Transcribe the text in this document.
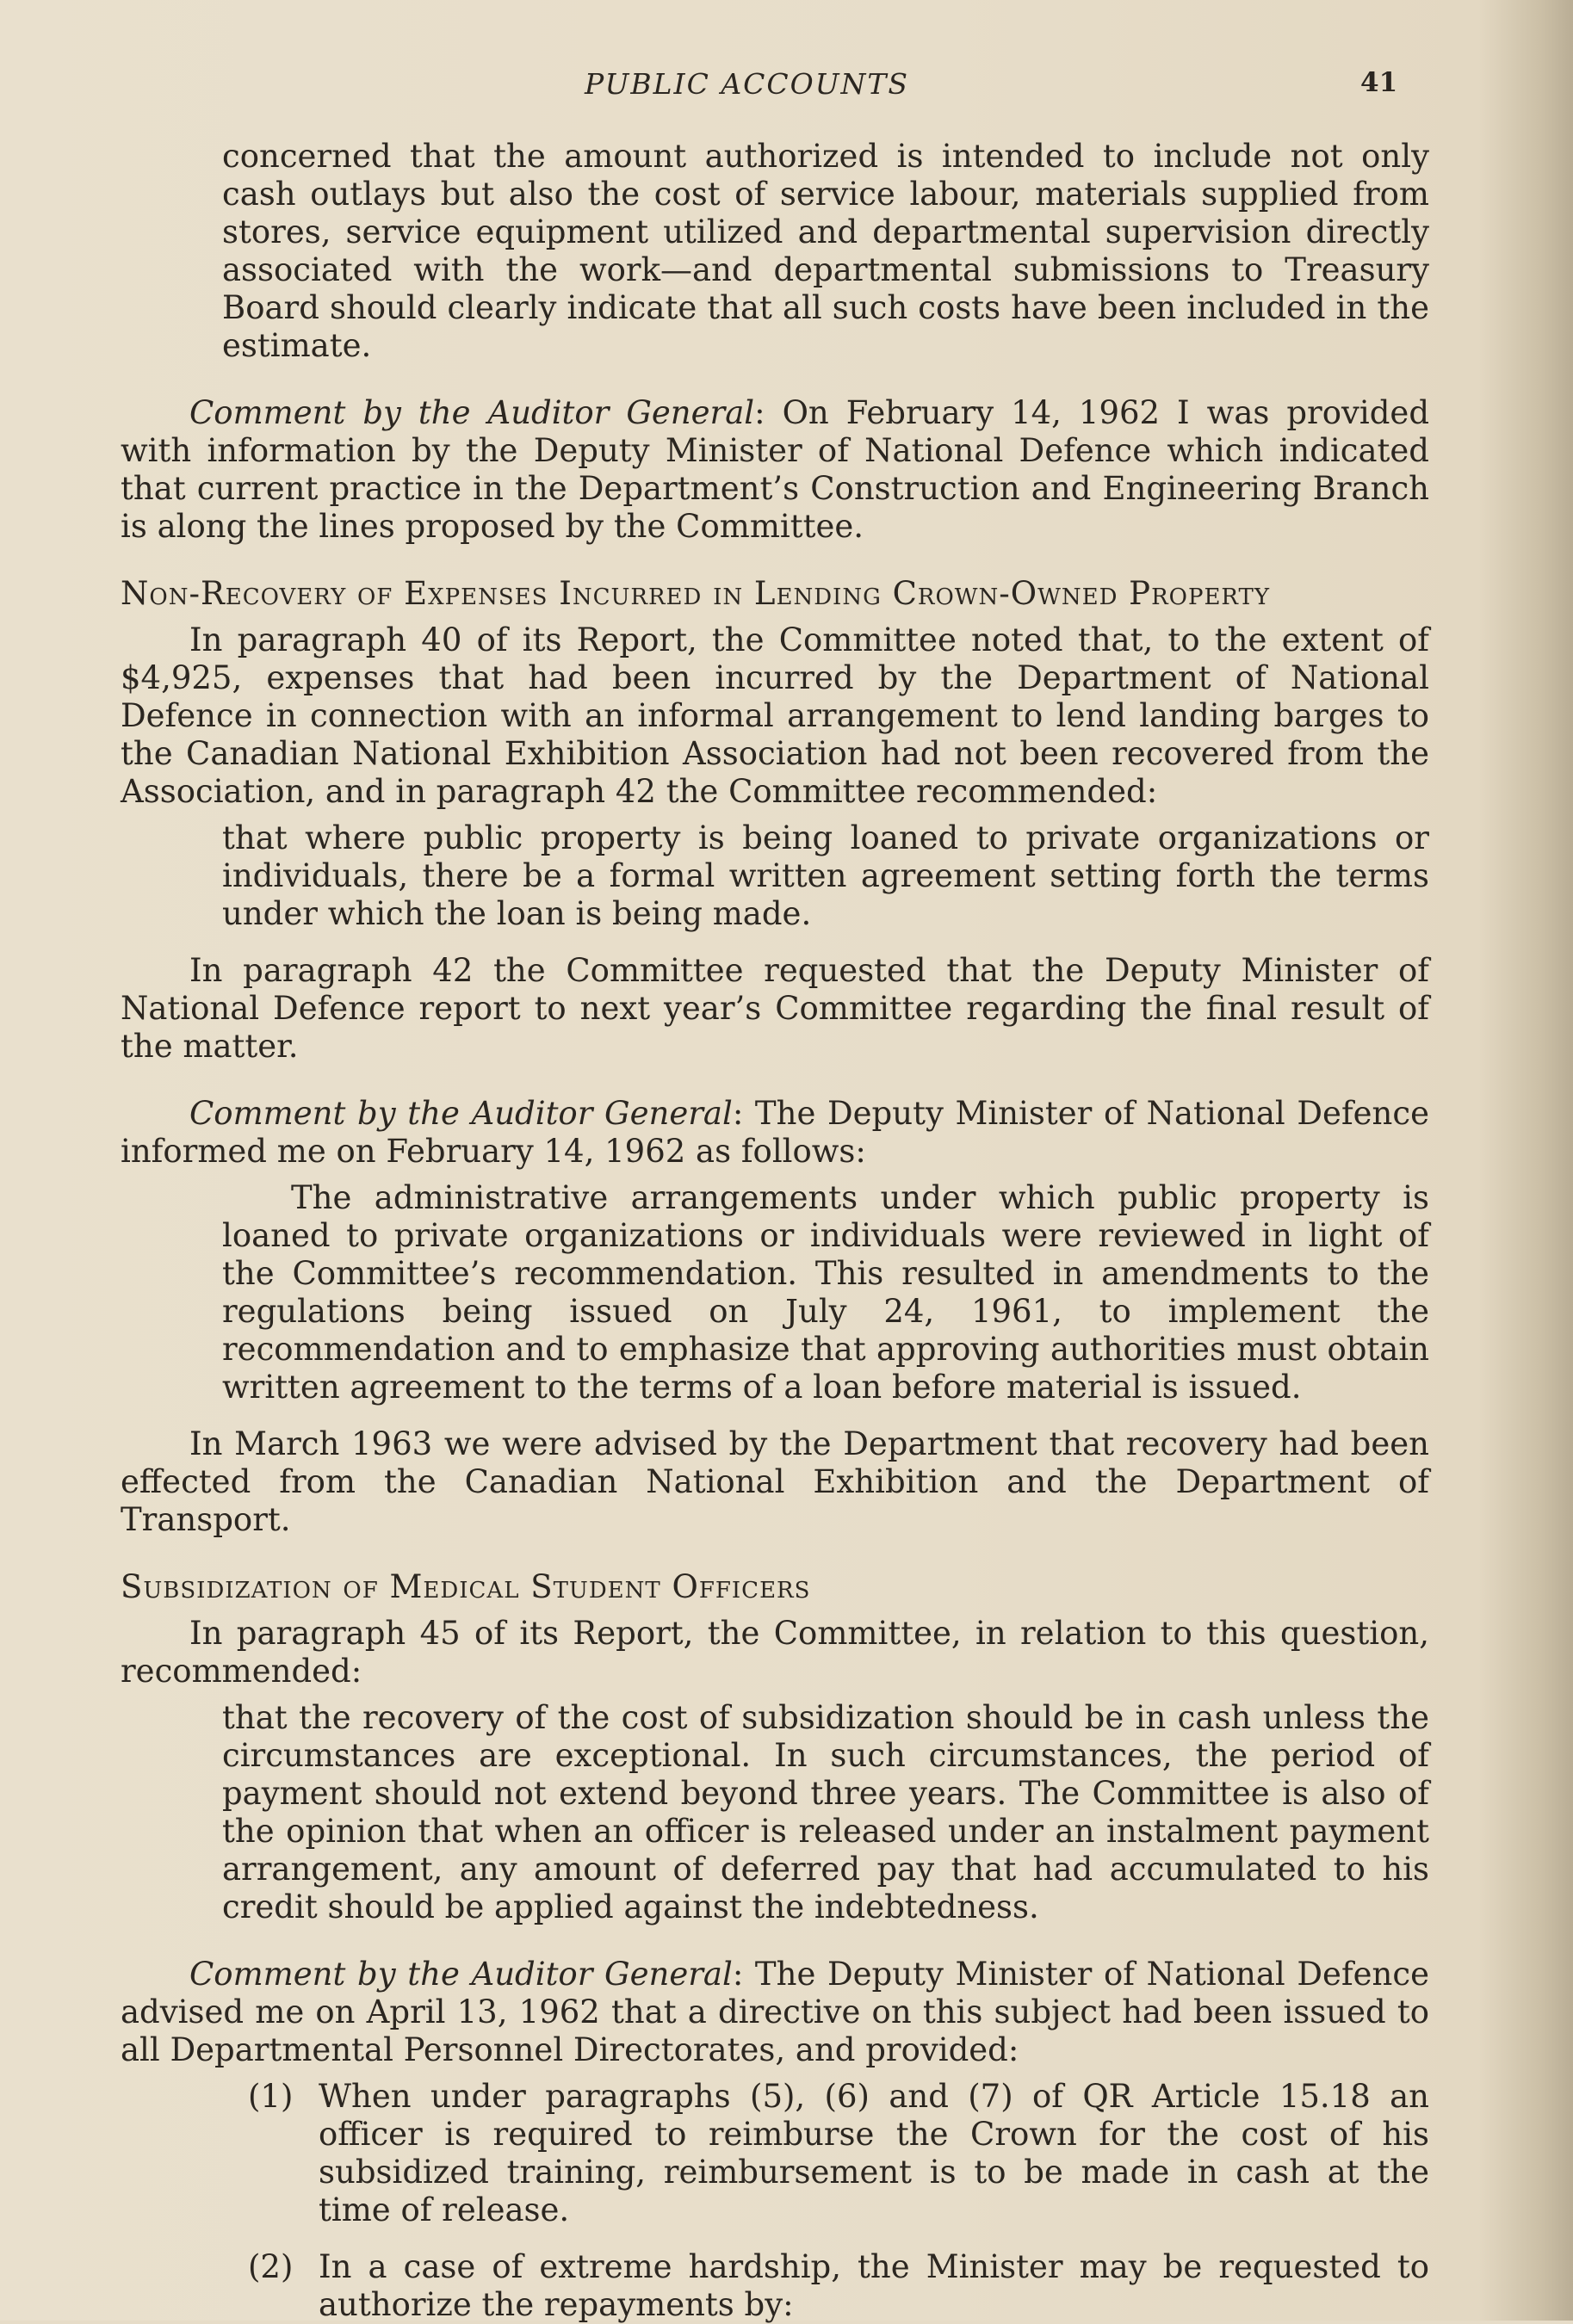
PUBLIC ACCOUNTS	41

concerned that the amount authorized is intended to include not only cash outlays but also the cost of service labour, materials supplied from stores, service equipment utilized and departmental supervision directly associated with the work—and departmental submissions to Treasury Board should clearly indicate that all such costs have been included in the estimate.

Comment by the Auditor General: On February 14, 1962 I was provided with information by the Deputy Minister of National Defence which indicated that current practice in the Department’s Construction and Engineering Branch is along the lines proposed by the Committee.

Non-Recovery of Expenses Incurred in Lending Crown-Owned Property

In paragraph 40 of its Report, the Committee noted that, to the extent of $4,925, expenses that had been incurred by the Department of National Defence in connection with an informal arrangement to lend landing barges to the Canadian National Exhibition Association had not been recovered from the Association, and in paragraph 42 the Committee recommended:

that where public property is being loaned to private organizations or individuals, there be a formal written agreement setting forth the terms under which the loan is being made.

In paragraph 42 the Committee requested that the Deputy Minister of National Defence report to next year’s Committee regarding the final result of the matter.

Comment by the Auditor General: The Deputy Minister of National Defence informed me on February 14, 1962 as follows:

The administrative arrangements under which public property is loaned to private organizations or individuals were reviewed in light of the Committee’s recommendation. This resulted in amendments to the regulations being issued on July 24, 1961, to implement the recommendation and to emphasize that approving authorities must obtain written agreement to the terms of a loan before material is issued.

In March 1963 we were advised by the Department that recovery had been effected from the Canadian National Exhibition and the Department of Transport.

Subsidization of Medical Student Officers

In paragraph 45 of its Report, the Committee, in relation to this question, recommended:

that the recovery of the cost of subsidization should be in cash unless the circumstances are exceptional. In such circumstances, the period of payment should not extend beyond three years. The Committee is also of the opinion that when an officer is released under an instalment payment arrangement, any amount of deferred pay that had accumulated to his credit should be applied against the indebtedness.

Comment by the Auditor General: The Deputy Minister of National Defence advised me on April 13, 1962 that a directive on this subject had been issued to all Departmental Personnel Directorates, and provided:

(1) When under paragraphs (5), (6) and (7) of QR Article 15.18 an officer is required to reimburse the Crown for the cost of his subsidized training, reimbursement is to be made in cash at the time of release.

(2) In a case of extreme hardship, the Minister may be requested to authorize the repayments by:
